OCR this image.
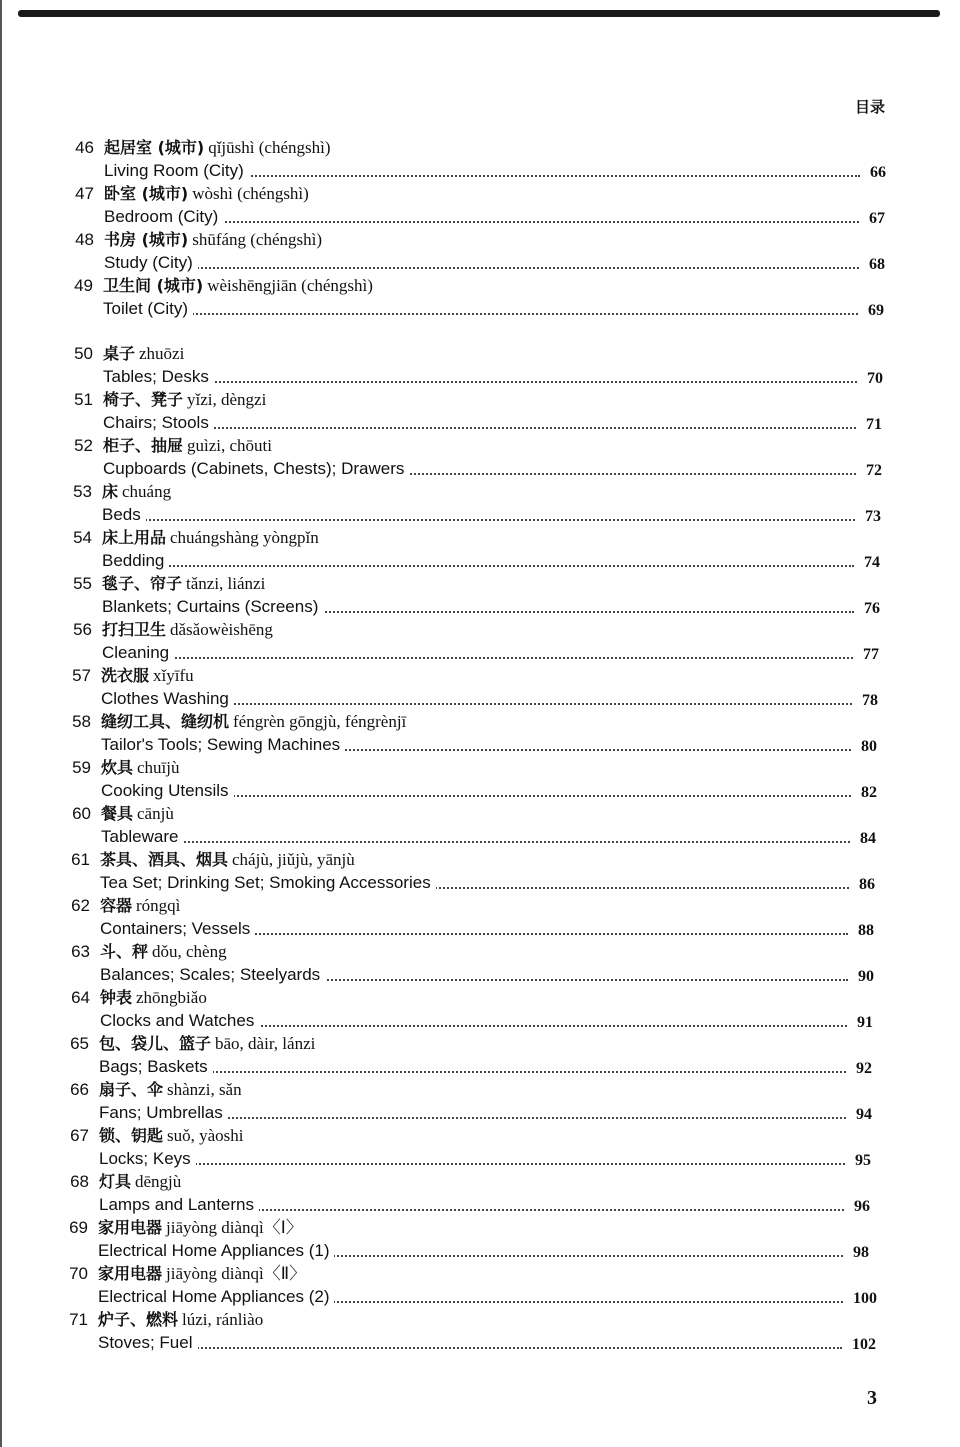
目录
46 起居室 (城市) qǐjūshì (chéngshì)
Living Room (City)	66
47 卧室 (城市) wòshì (chéngshì)
Bedroom (City)	67
48 书房 (城市) shūfáng (chéngshì)
Study (City)	68
49 卫生间 (城市) wèishēngjiān (chéngshì)
Toilet (City)	69
50 桌子 zhuōzi
Tables; Desks	70
51 椅子、凳子 yǐzi, dèngzi
Chairs; Stools	71
52 柜子、抽屉 guìzi, chōuti
Cupboards (Cabinets, Chests); Drawers	72
53 床 chuáng
Beds	73
54 床上用品 chuángshàng yòngpǐn
Bedding	74
55 毯子、帘子 tǎnzi, liánzi
Blankets; Curtains (Screens)	76
56 打扫卫生 dǎsǎowèishēng
Cleaning	77
57 洗衣服 xǐyīfu
Clothes Washing	78
58 缝纫工具、缝纫机 féngrèn gōngjù, féngrènjī
Tailor's Tools; Sewing Machines	80
59 炊具 chuījù
Cooking Utensils	82
60 餐具 cānjù
Tableware	84
61 茶具、酒具、烟具 chájù, jiǔjù, yānjù
Tea Set; Drinking Set; Smoking Accessories	86
62 容器 róngqì
Containers; Vessels	88
63 斗、秤 dǒu, chèng
Balances; Scales; Steelyards	90
64 钟表 zhōngbiǎo
Clocks and Watches	91
65 包、袋儿、篮子 bāo, dàir, lánzi
Bags; Baskets	92
66 扇子、伞 shànzi, sǎn
Fans; Umbrellas	94
67 锁、钥匙 suǒ, yàoshi
Locks; Keys	95
68 灯具 dēngjù
Lamps and Lanterns	96
69 家用电器 jiāyòng diànqì〈Ⅰ〉
Electrical Home Appliances (1)	98
70 家用电器 jiāyòng diànqì〈Ⅱ〉
Electrical Home Appliances (2)	100
71 炉子、燃料 lúzi, ránliào
Stoves; Fuel	102
3
